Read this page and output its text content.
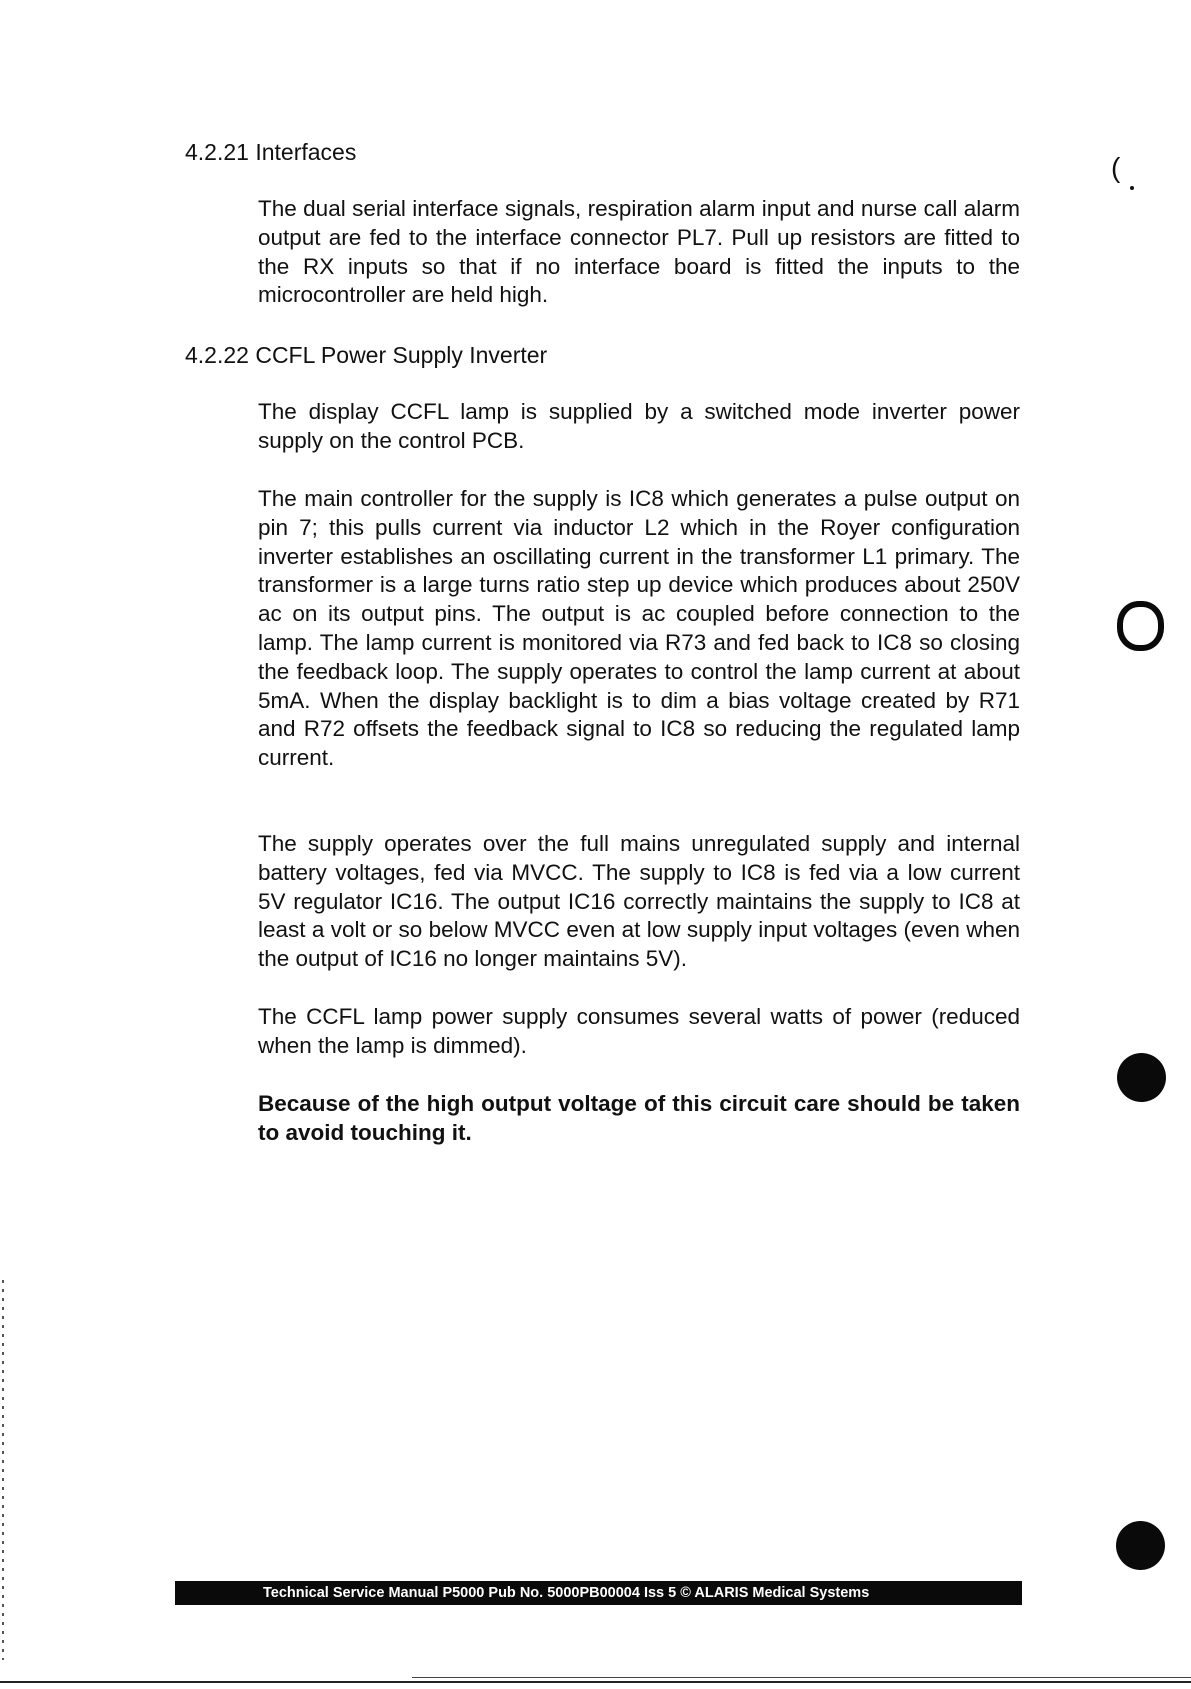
4.2.21 Interfaces

The dual serial interface signals, respiration alarm input and nurse call alarm output are fed to the interface connector PL7. Pull up resistors are fitted to the RX inputs so that if no interface board is fitted the inputs to the microcontroller are held high.

4.2.22 CCFL Power Supply Inverter

The display CCFL lamp is supplied by a switched mode inverter power supply on the control PCB.

The main controller for the supply is IC8 which generates a pulse output on pin 7; this pulls current via inductor L2 which in the Royer configuration inverter establishes an oscillating current in the transformer L1 primary. The transformer is a large turns ratio step up device which produces about 250V ac on its output pins. The output is ac coupled before connection to the lamp. The lamp current is monitored via R73 and fed back to IC8 so closing the feedback loop. The supply operates to control the lamp current at about 5mA. When the display backlight is to dim a bias voltage created by R71 and R72 offsets the feedback signal to IC8 so reducing the regulated lamp current.

The supply operates over the full mains unregulated supply and internal battery voltages, fed via MVCC. The supply to IC8 is fed via a low current 5V regulator IC16. The output IC16 correctly maintains the supply to IC8 at least a volt or so below MVCC even at low supply input voltages (even when the output of IC16 no longer maintains 5V).

The CCFL lamp power supply consumes several watts of power (reduced when the lamp is dimmed).

Because of the high output voltage of this circuit care should be taken to avoid touching it.

Technical Service Manual P5000 Pub No. 5000PB00004 Iss 5 © ALARIS Medical Systems
(
